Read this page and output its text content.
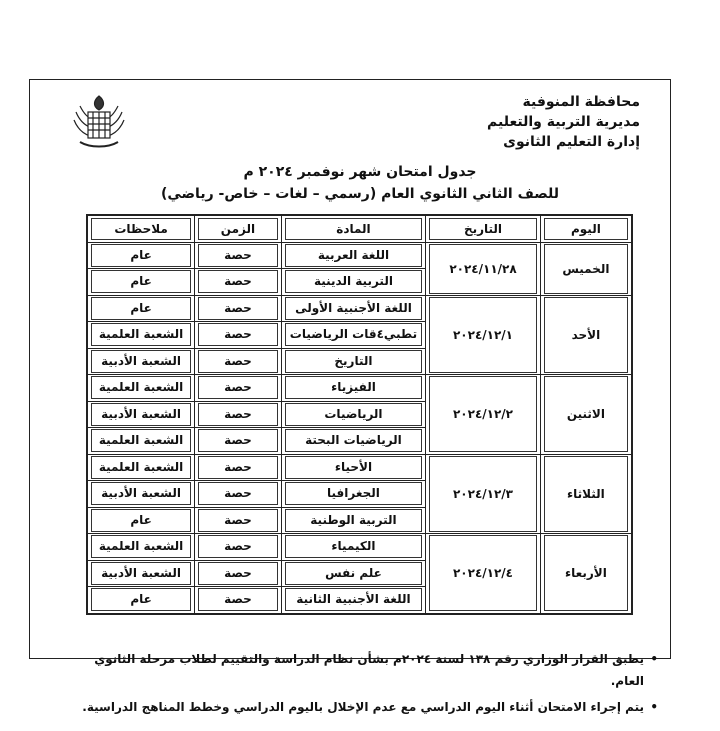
محافظة المنوفية
مديرية التربية والتعليم
إدارة التعليم الثانوى
جدول امتحان شهر نوفمبر ٢٠٢٤ م
للصف الثاني الثانوي العام (رسمي – لغات – خاص- رياضي)
اليوم	التاريخ	المادة	الزمن	ملاحظات

الخميس	٢٠٢٤/١١/٢٨	اللغة العربية	حصة	عام

		التربية الدينية	حصة	عام

الأحد	٢٠٢٤/١٢/١	اللغة الأجنبية الأولى	حصة	عام

		تطبي٤قات الرياضيات	حصة	الشعبة العلمية

		التاريخ	حصة	الشعبة الأدبية

الاثنين	٢٠٢٤/١٢/٢	الفيزياء	حصة	الشعبة العلمية

		الرياضيات	حصة	الشعبة الأدبية

		الرياضيات البحتة	حصة	الشعبة العلمية

الثلاثاء	٢٠٢٤/١٢/٣	الأحياء	حصة	الشعبة العلمية

		الجغرافيا	حصة	الشعبة الأدبية

		التربية الوطنية	حصة	عام

الأربعاء	٢٠٢٤/١٢/٤	الكيمياء	حصة	الشعبة العلمية

		علم نفس	حصة	الشعبة الأدبية

		اللغة الأجنبية الثانية	حصة	عام
•
يطبق القرار الوزاري رقم ١٣٨ لسنة ٢٠٢٤م بشأن نظام الدراسة والتقييم لطلاب مرحلة الثانوي العام.
•
يتم إجراء الامتحان أثناء اليوم الدراسي مع عدم الإخلال باليوم الدراسي وخطط المناهج الدراسية.
